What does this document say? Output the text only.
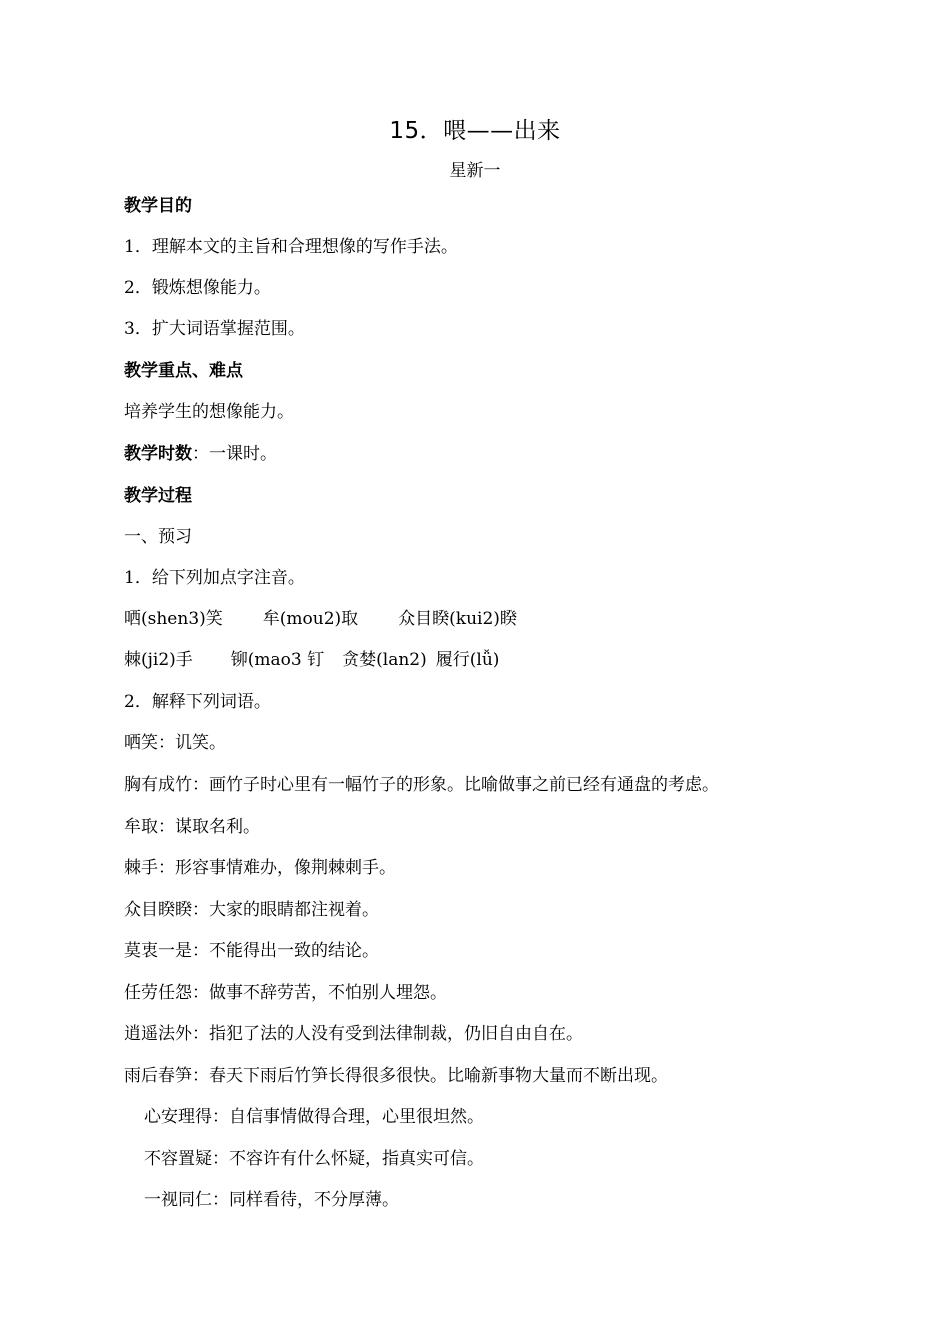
15．喂——出来
星新一
教学目的
1．理解本文的主旨和合理想像的写作手法。
2．锻炼想像能力。
3．扩大词语掌握范围。
教学重点、难点
培养学生的想像能力。
教学时数：一课时。
教学过程
一、预习
1．给下列加点字注音。
哂(shen3)笑 牟(mou2)取 众目睽(kui2)睽
棘(ji2)手 铆(mao3 钉 贪婪(lan2) 履行(lǚ)
2．解释下列词语。
哂笑：讥笑。
胸有成竹：画竹子时心里有一幅竹子的形象。比喻做事之前已经有通盘的考虑。
牟取：谋取名利。
棘手：形容事情难办，像荆棘刺手。
众目睽睽：大家的眼睛都注视着。
莫衷一是：不能得出一致的结论。
任劳任怨：做事不辞劳苦，不怕别人埋怨。
逍遥法外：指犯了法的人没有受到法律制裁，仍旧自由自在。
雨后春笋：春天下雨后竹笋长得很多很快。比喻新事物大量而不断出现。
心安理得：自信事情做得合理，心里很坦然。
不容置疑：不容许有什么怀疑，指真实可信。
一视同仁：同样看待，不分厚薄。
